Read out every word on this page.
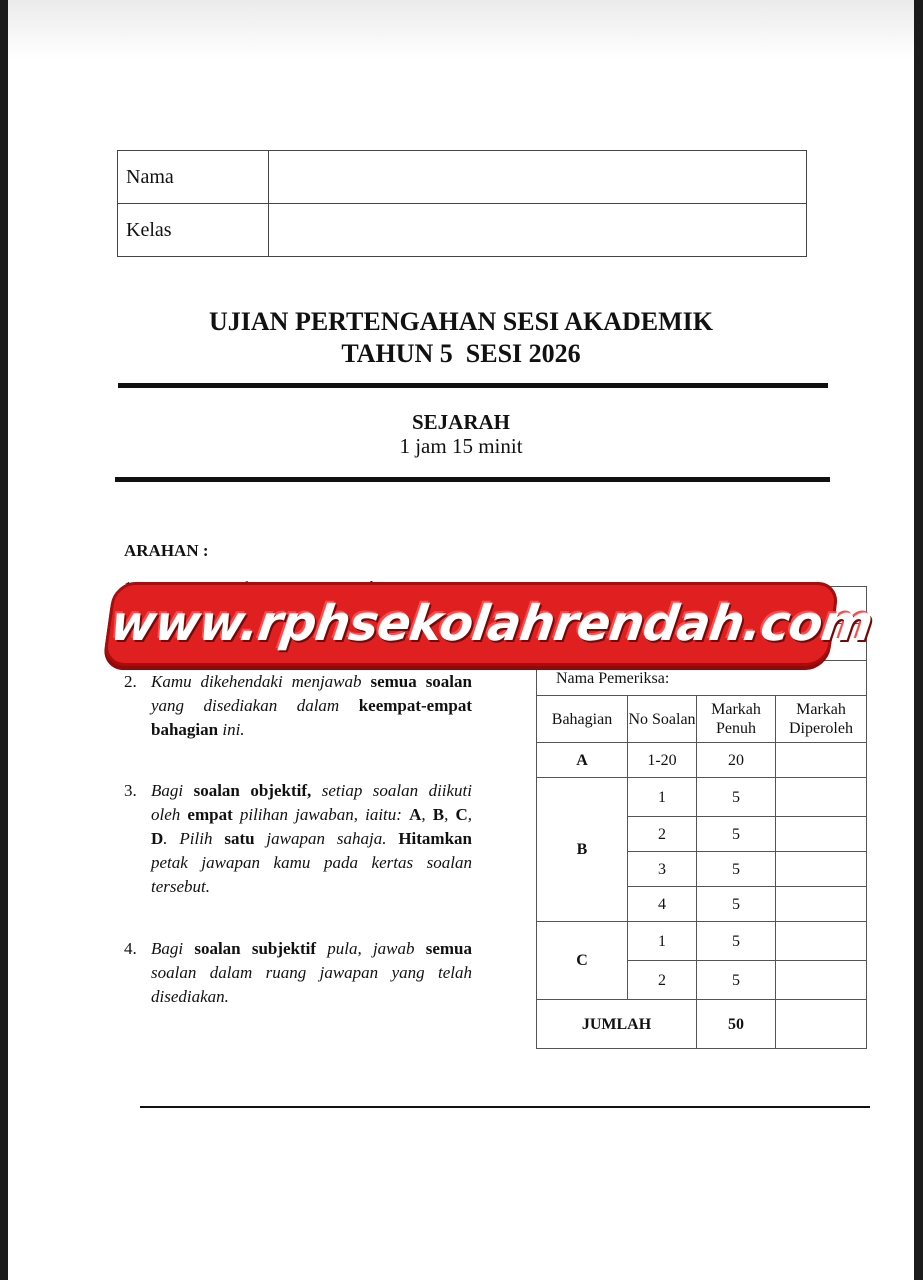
Nama	
Kelas	
UJIAN PERTENGAHAN SESI AKADEMIK
TAHUN 5  SESI 2026
SEJARAH
1 jam 15 minit
ARAHAN :
2. Kamu dikehendaki menjawab semua soalan yang disediakan dalam keempat-empat bahagian ini.
3. Bagi soalan objektif, setiap soalan diikuti oleh empat pilihan jawaban, iaitu: A, B, C, D. Pilih satu jawapan sahaja. Hitamkan petak jawapan kamu pada kertas soalan tersebut.
4. Bagi soalan subjektif pula, jawab semua soalan dalam ruang jawapan yang telah disediakan.

Nama Pemeriksa:			
Bahagian	No Soalan	Markah Penuh	Markah Diperoleh
A	1-20	20	
B	1	5	
	2	5	
	3	5	
	4	5	
C	1	5	
	2	5	
JUMLAH		50	
www.rphsekolahrendah.com
